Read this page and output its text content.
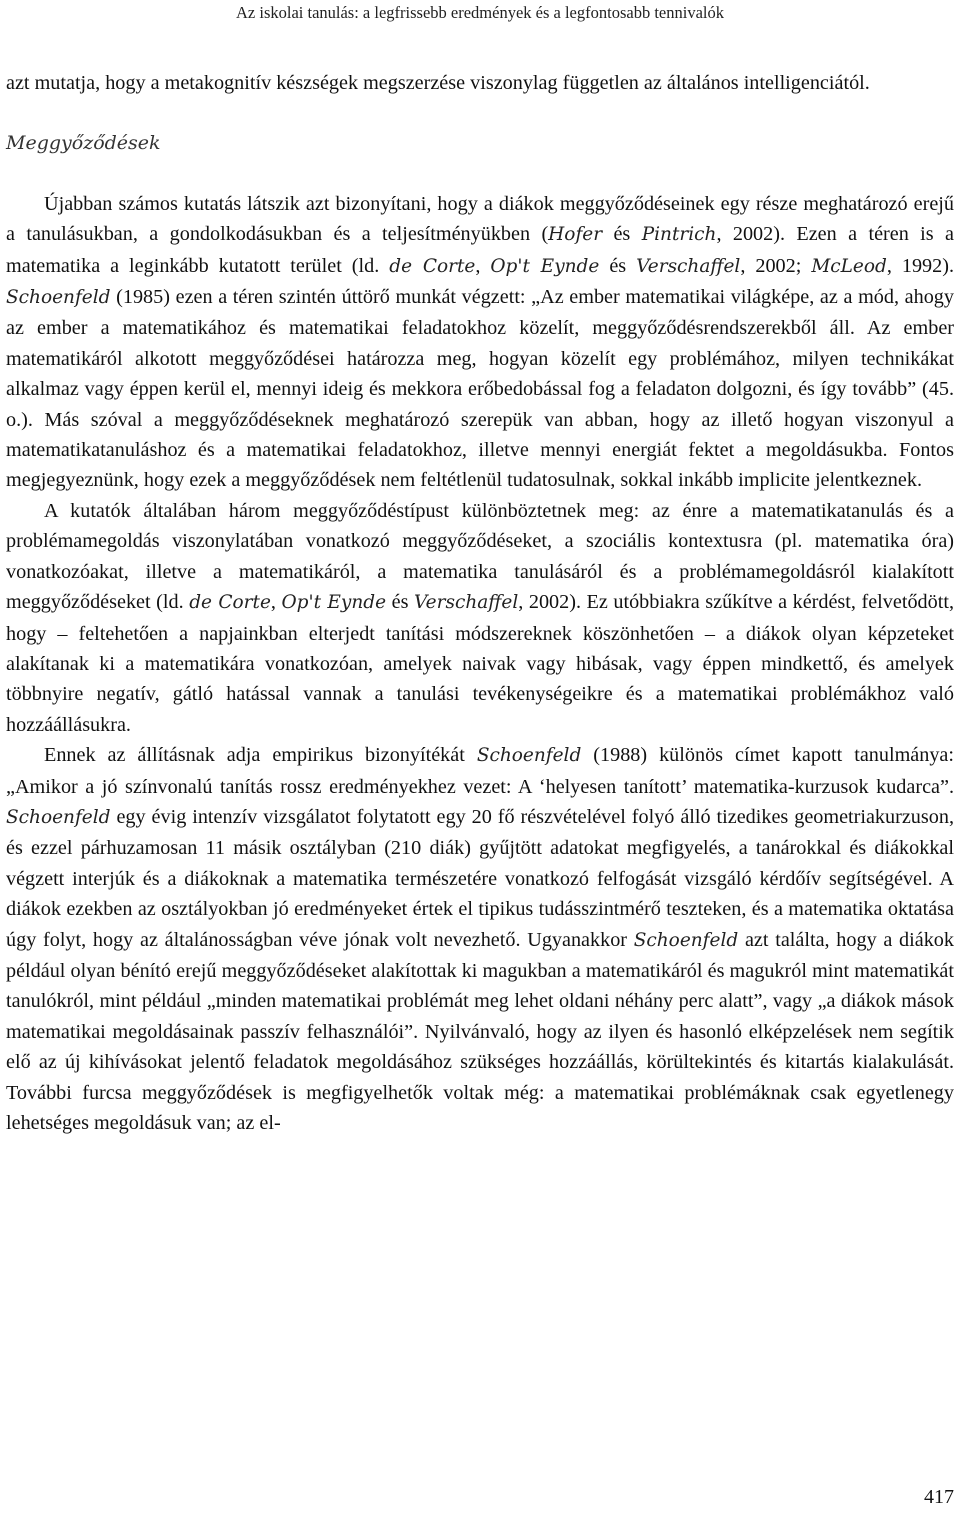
Az iskolai tanulás: a legfrissebb eredmények és a legfontosabb tennivalók

azt mutatja, hogy a metakognitív készségek megszerzése viszonylag független az általános intelligenciától.

Meggyőződések

Újabban számos kutatás látszik azt bizonyítani, hogy a diákok meggyőződéseinek egy része meghatározó erejű a tanulásukban, a gondolkodásukban és a teljesítményükben (Hofer és Pintrich, 2002). Ezen a téren is a matematika a leginkább kutatott terület (ld. de Corte, Op't Eynde és Verschaffel, 2002; McLeod, 1992). Schoenfeld (1985) ezen a téren szintén úttörő munkát végzett: „Az ember matematikai világképe, az a mód, ahogy az ember a matematikához és matematikai feladatokhoz közelít, meggyőződésrendszerekből áll. Az ember matematikáról alkotott meggyőződései határozza meg, hogyan közelít egy problémához, milyen technikákat alkalmaz vagy éppen kerül el, mennyi ideig és mekkora erőbedobással fog a feladaton dolgozni, és így tovább” (45. o.). Más szóval a meggyőződéseknek meghatározó szerepük van abban, hogy az illető hogyan viszonyul a matematikatanuláshoz és a matematikai feladatokhoz, illetve mennyi energiát fektet a megoldásukba. Fontos megjegyeznünk, hogy ezek a meggyőződések nem feltétlenül tudatosulnak, sokkal inkább implicite jelentkeznek.

A kutatók általában három meggyőződéstípust különböztetnek meg: az énre a matematikatanulás és a problémamegoldás viszonylatában vonatkozó meggyőződéseket, a szociális kontextusra (pl. matematika óra) vonatkozóakat, illetve a matematikáról, a matematika tanulásáról és a problémamegoldásról kialakított meggyőződéseket (ld. de Corte, Op't Eynde és Verschaffel, 2002). Ez utóbbiakra szűkítve a kérdést, felvetődött, hogy – feltehetően a napjainkban elterjedt tanítási módszereknek köszönhetően – a diákok olyan képzeteket alakítanak ki a matematikára vonatkozóan, amelyek naivak vagy hibásak, vagy éppen mindkettő, és amelyek többnyire negatív, gátló hatással vannak a tanulási tevékenységeikre és a matematikai problémákhoz való hozzáállásukra.

Ennek az állításnak adja empirikus bizonyítékát Schoenfeld (1988) különös címet kapott tanulmánya: „Amikor a jó színvonalú tanítás rossz eredményekhez vezet: A ‘helyesen tanított’ matematika-kurzusok kudarca”. Schoenfeld egy évig intenzív vizsgálatot folytatott egy 20 fő részvételével folyó álló tizedikes geometriakurzuson, és ezzel párhuzamosan 11 másik osztályban (210 diák) gyűjtött adatokat megfigyelés, a tanárokkal és diákokkal végzett interjúk és a diákoknak a matematika természetére vonatkozó felfogását vizsgáló kérdőív segítségével. A diákok ezekben az osztályokban jó eredményeket értek el tipikus tudásszintmérő teszteken, és a matematika oktatása úgy folyt, hogy az általánosságban véve jónak volt nevezhető. Ugyanakkor Schoenfeld azt találta, hogy a diákok például olyan bénító erejű meggyőződéseket alakítottak ki magukban a matematikáról és magukról mint matematikát tanulókról, mint például „minden matematikai problémát meg lehet oldani néhány perc alatt”, vagy „a diákok mások matematikai megoldásainak passzív felhasználói”. Nyilvánvaló, hogy az ilyen és hasonló elképzelések nem segítik elő az új kihívásokat jelentő feladatok megoldásához szükséges hozzáállás, körültekintés és kitartás kialakulását. További furcsa meggyőződések is megfigyelhetők voltak még: a matematikai problémáknak csak egyetlenegy lehetséges megoldásuk van; az el-

417
